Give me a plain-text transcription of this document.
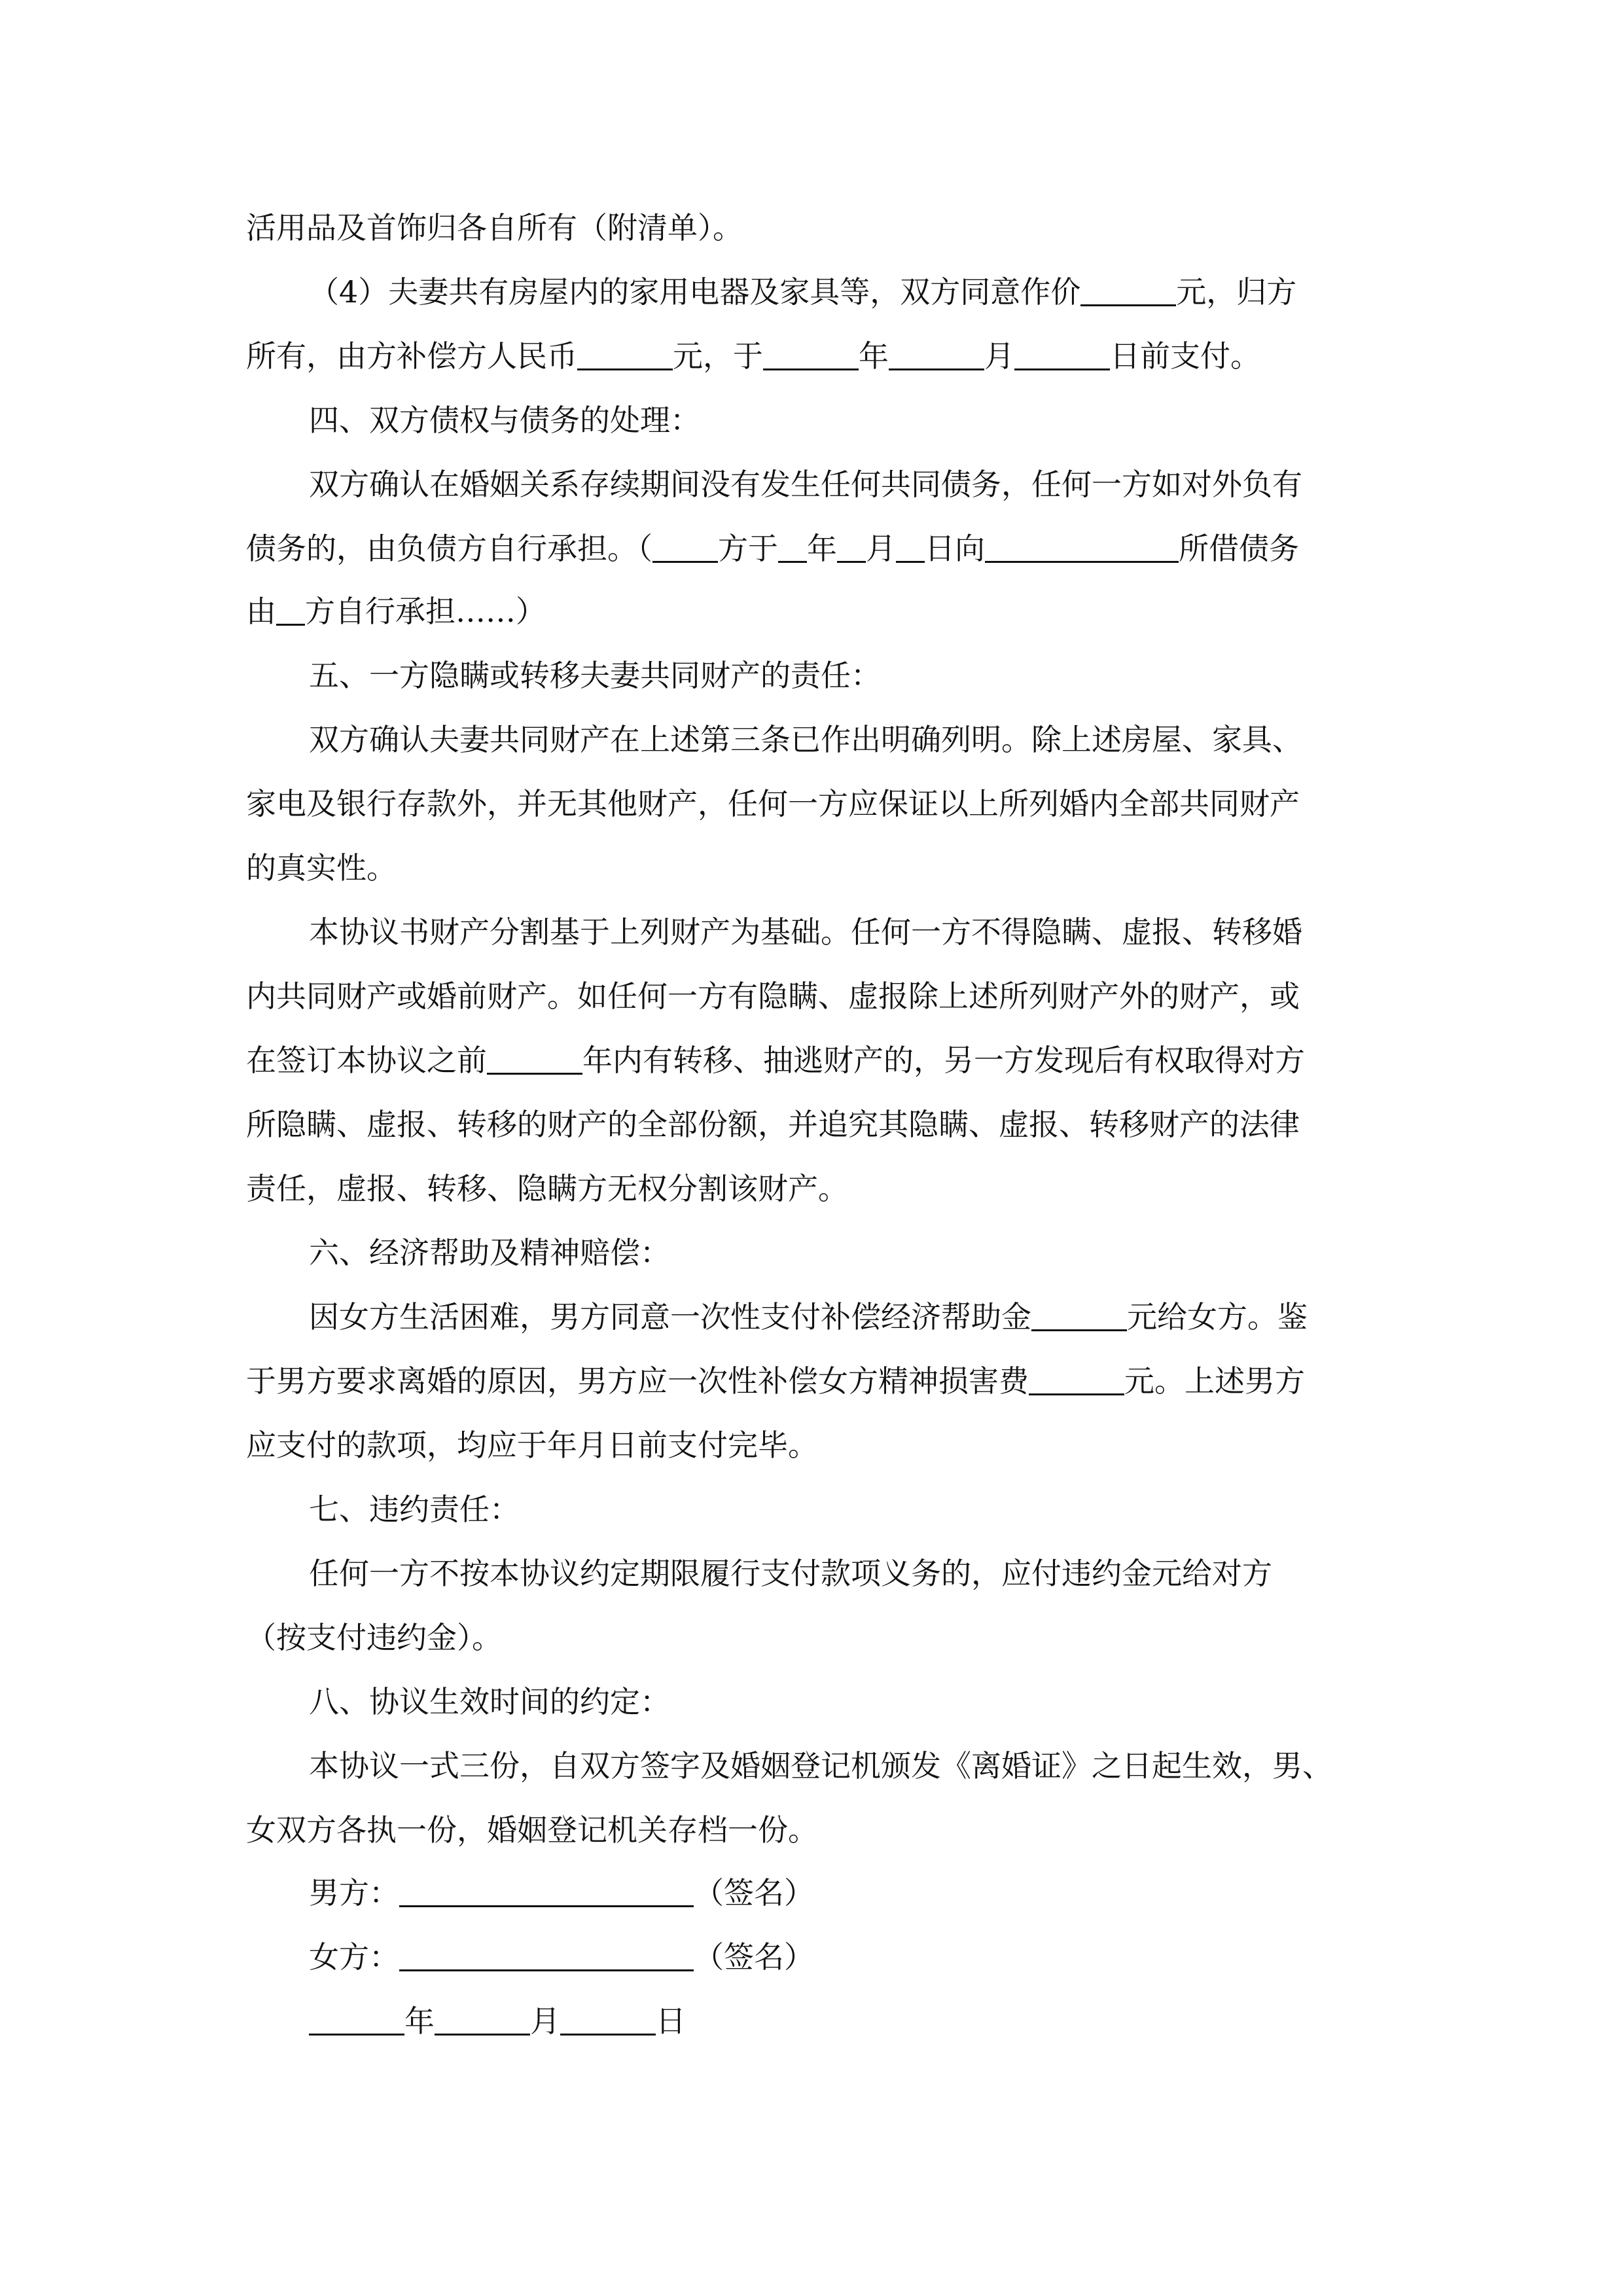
活用品及首饰归各自所有（附清单）。

（4）夫妻共有房屋内的家用电器及家具等，双方同意作价	元，归方

所有，由方补偿方人民币	元，于	年	月	日前支付。

四、双方债权与债务的处理：

双方确认在婚姻关系存续期间没有发生任何共同债务，任何一方如对外负有

债务的，由负债方自行承担。（ 方于 年 月 日向	所借债务

由 方自行承担……）

五、一方隐瞒或转移夫妻共同财产的责任：

双方确认夫妻共同财产在上述第三条已作出明确列明。除上述房屋、家具、

家电及银行存款外，并无其他财产，任何一方应保证以上所列婚内全部共同财产

的真实性。

本协议书财产分割基于上列财产为基础。任何一方不得隐瞒、虚报、转移婚

内共同财产或婚前财产。如任何一方有隐瞒、虚报除上述所列财产外的财产，或

在签订本协议之前	年内有转移、抽逃财产的，另一方发现后有权取得对方

所隐瞒、虚报、转移的财产的全部份额，并追究其隐瞒、虚报、转移财产的法律

责任，虚报、转移、隐瞒方无权分割该财产。

六、经济帮助及精神赔偿：

因女方生活困难，男方同意一次性支付补偿经济帮助金	元给女方。鉴

于男方要求离婚的原因，男方应一次性补偿女方精神损害费	元。上述男方

应支付的款项，均应于年月日前支付完毕。

七、违约责任：

任何一方不按本协议约定期限履行支付款项义务的，应付违约金元给对方

（按支付违约金）。

八、协议生效时间的约定：

本协议一式三份，自双方签字及婚姻登记机颁发《离婚证》之日起生效，男、

女双方各执一份，婚姻登记机关存档一份。

男方：	（签名）

女方：	（签名）

年	月	日
